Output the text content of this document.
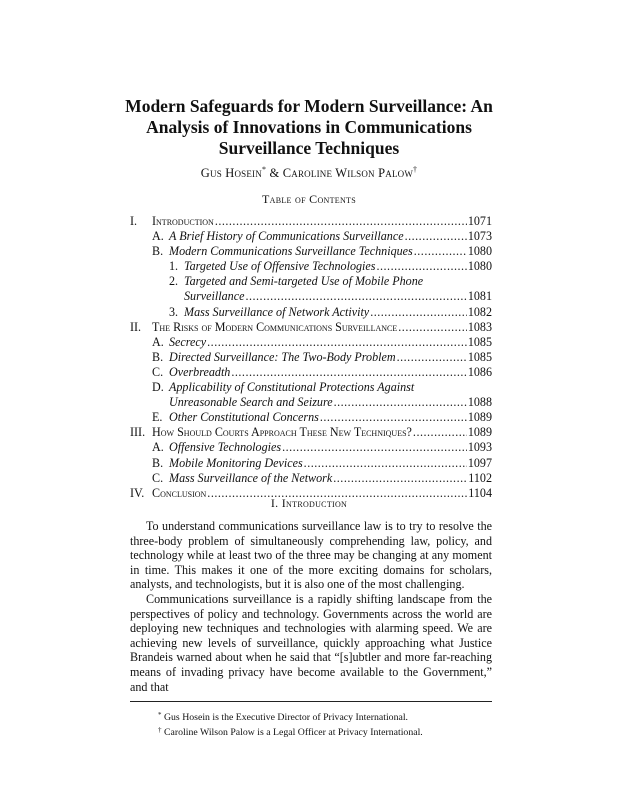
Modern Safeguards for Modern Surveillance: An
Analysis of Innovations in Communications
Surveillance Techniques
Gus Hosein* & Caroline Wilson Palow†
Table of Contents
I.	Introduction .....	1071
A. A Brief History of Communications Surveillance .....	1073
B. Modern Communications Surveillance Techniques .....	1080
1. Targeted Use of Offensive Technologies .....	1080
2. Targeted and Semi-targeted Use of Mobile Phone
Surveillance .....	1081
3. Mass Surveillance of Network Activity .....	1082
II. The Risks of Modern Communications Surveillance .....	1083
A. Secrecy .....	1085
B. Directed Surveillance: The Two-Body Problem .....	1085
C. Overbreadth .....	1086
D. Applicability of Constitutional Protections Against
Unreasonable Search and Seizure .....	1088
E. Other Constitutional Concerns .....	1089
III. How Should Courts Approach These New Techniques? .....	1089
A. Offensive Technologies .....	1093
B. Mobile Monitoring Devices .....	1097
C. Mass Surveillance of the Network .....	1102
IV. Conclusion .....	1104
I. Introduction

To understand communications surveillance law is to try to resolve the three-body problem of simultaneously comprehending law, policy, and technology while at least two of the three may be changing at any moment in time. This makes it one of the more exciting domains for scholars, analysts, and technologists, but it is also one of the most challenging.

Communications surveillance is a rapidly shifting landscape from the perspectives of policy and technology. Governments across the world are deploying new techniques and technologies with alarming speed. We are achieving new levels of surveillance, quickly approaching what Justice Brandeis warned about when he said that “[s]ubtler and more far-reaching means of invading privacy have become available to the Government,” and that

* Gus Hosein is the Executive Director of Privacy International.
† Caroline Wilson Palow is a Legal Officer at Privacy International.
